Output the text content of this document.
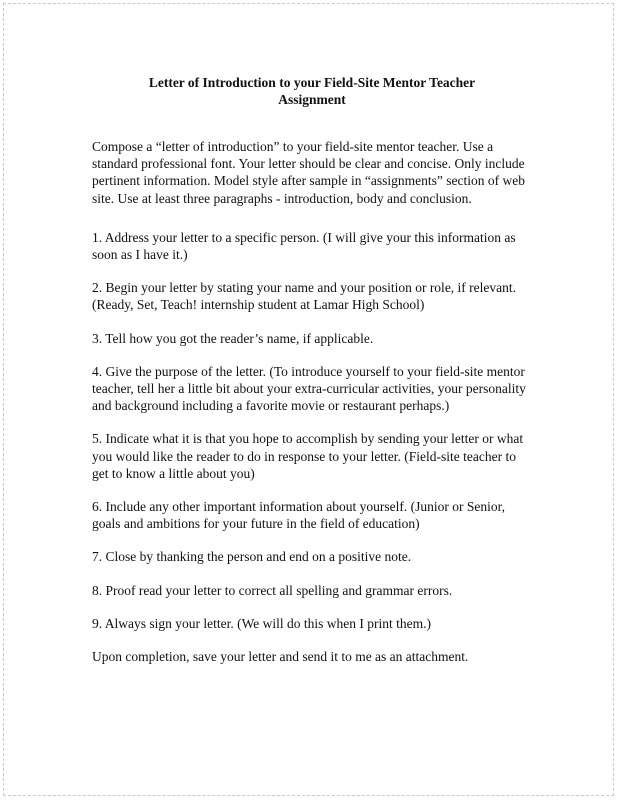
Letter of Introduction to your Field-Site Mentor Teacher
Assignment

Compose a “letter of introduction” to your field-site mentor teacher. Use a standard professional font. Your letter should be clear and concise. Only include pertinent information. Model style after sample in “assignments” section of web site. Use at least three paragraphs - introduction, body and conclusion.

1. Address your letter to a specific person. (I will give your this information as soon as I have it.)

2. Begin your letter by stating your name and your position or role, if relevant. (Ready, Set, Teach! internship student at Lamar High School)

3. Tell how you got the reader’s name, if applicable.

4. Give the purpose of the letter. (To introduce yourself to your field-site mentor teacher, tell her a little bit about your extra-curricular activities, your personality and background including a favorite movie or restaurant perhaps.)

5. Indicate what it is that you hope to accomplish by sending your letter or what you would like the reader to do in response to your letter. (Field-site teacher to get to know a little about you)

6. Include any other important information about yourself. (Junior or Senior, goals and ambitions for your future in the field of education)

7. Close by thanking the person and end on a positive note.

8. Proof read your letter to correct all spelling and grammar errors.

9. Always sign your letter. (We will do this when I print them.)

Upon completion, save your letter and send it to me as an attachment.
